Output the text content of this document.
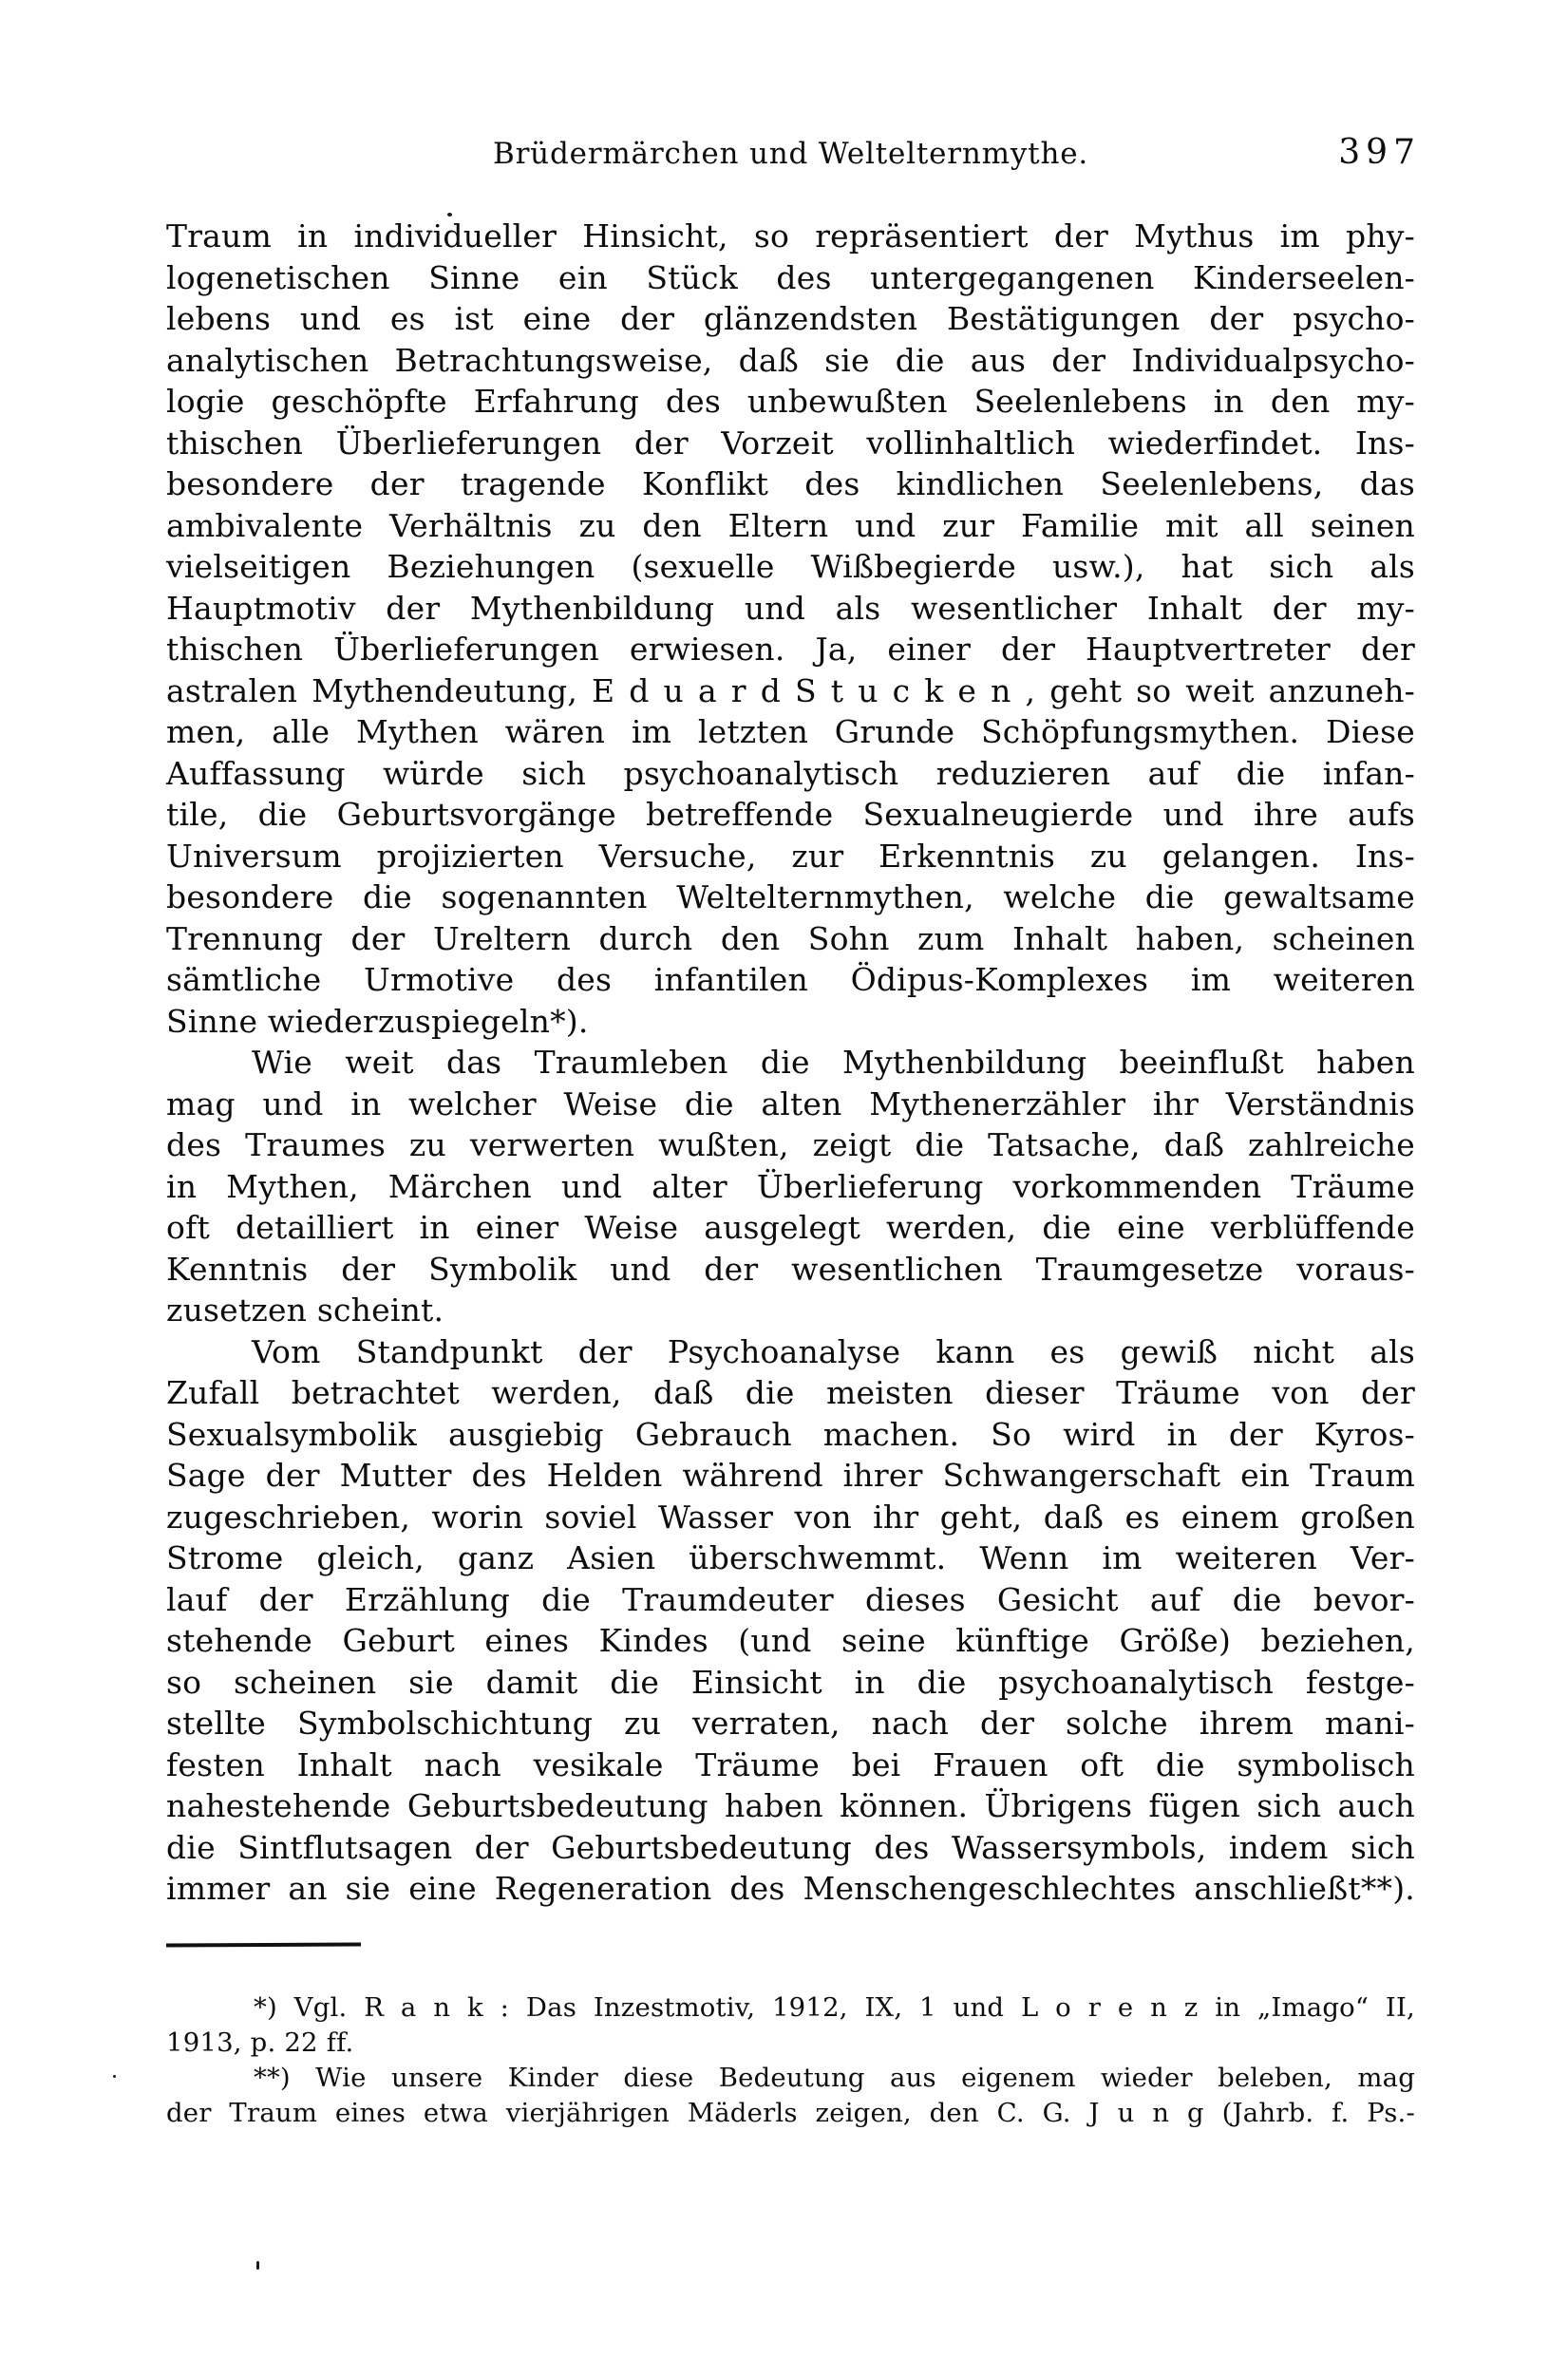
Brüdermärchen und Weltelternmythe.	397
Traum in individueller Hinsicht, so repräsentiert der Mythus im phy-
logenetischen Sinne ein Stück des untergegangenen Kinderseelen-
lebens und es ist eine der glänzendsten Bestätigungen der psycho-
analytischen Betrachtungsweise, daß sie die aus der Individualpsycho-
logie geschöpfte Erfahrung des unbewußten Seelenlebens in den my-
thischen Überlieferungen der Vorzeit vollinhaltlich wiederfindet. Ins-
besondere der tragende Konflikt des kindlichen Seelenlebens, das
ambivalente Verhältnis zu den Eltern und zur Familie mit all seinen
vielseitigen Beziehungen (sexuelle Wißbegierde usw.), hat sich als
Hauptmotiv der Mythenbildung und als wesentlicher Inhalt der my-
thischen Überlieferungen erwiesen. Ja, einer der Hauptvertreter der
astralen Mythendeutung, E d u a r d S t u c k e n , geht so weit anzuneh-
men, alle Mythen wären im letzten Grunde Schöpfungsmythen. Diese
Auffassung würde sich psychoanalytisch reduzieren auf die infan-
tile, die Geburtsvorgänge betreffende Sexualneugierde und ihre aufs
Universum projizierten Versuche, zur Erkenntnis zu gelangen. Ins-
besondere die sogenannten Weltelternmythen, welche die gewaltsame
Trennung der Ureltern durch den Sohn zum Inhalt haben, scheinen
sämtliche Urmotive des infantilen Ödipus-Komplexes im weiteren
Sinne wiederzuspiegeln*).
Wie weit das Traumleben die Mythenbildung beeinflußt haben
mag und in welcher Weise die alten Mythenerzähler ihr Verständnis
des Traumes zu verwerten wußten, zeigt die Tatsache, daß zahlreiche
in Mythen, Märchen und alter Überlieferung vorkommenden Träume
oft detailliert in einer Weise ausgelegt werden, die eine verblüffende
Kenntnis der Symbolik und der wesentlichen Traumgesetze voraus-
zusetzen scheint.
Vom Standpunkt der Psychoanalyse kann es gewiß nicht als
Zufall betrachtet werden, daß die meisten dieser Träume von der
Sexualsymbolik ausgiebig Gebrauch machen. So wird in der Kyros-
Sage der Mutter des Helden während ihrer Schwangerschaft ein Traum
zugeschrieben, worin soviel Wasser von ihr geht, daß es einem großen
Strome gleich, ganz Asien überschwemmt. Wenn im weiteren Ver-
lauf der Erzählung die Traumdeuter dieses Gesicht auf die bevor-
stehende Geburt eines Kindes (und seine künftige Größe) beziehen,
so scheinen sie damit die Einsicht in die psychoanalytisch festge-
stellte Symbolschichtung zu verraten, nach der solche ihrem mani-
festen Inhalt nach vesikale Träume bei Frauen oft die symbolisch
nahestehende Geburtsbedeutung haben können. Übrigens fügen sich auch
die Sintflutsagen der Geburtsbedeutung des Wassersymbols, indem sich
immer an sie eine Regeneration des Menschengeschlechtes anschließt**).
*) Vgl. R a n k : Das Inzestmotiv, 1912, IX, 1 und L o r e n z in „Imago“ II,
1913, p. 22 ff.
**) Wie unsere Kinder diese Bedeutung aus eigenem wieder beleben, mag
der Traum eines etwa vierjährigen Mäderls zeigen, den C. G. J u n g (Jahrb. f. Ps.-
